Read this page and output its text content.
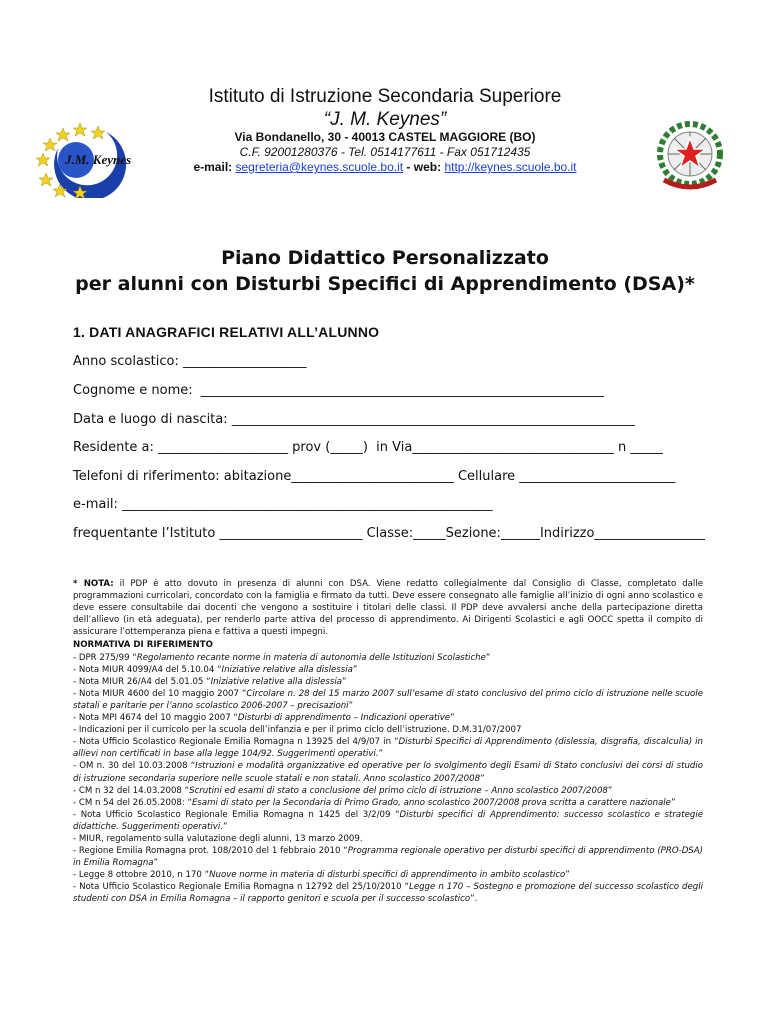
J.M. Keynes
Istituto di Istruzione Secondaria Superiore
“J. M. Keynes”
Via Bondanello, 30 - 40013 CASTEL MAGGIORE (BO)
C.F. 92001280376 - Tel. 0514177611 - Fax 051712435
e-mail: segreteria@keynes.scuole.bo.it - web: http://keynes.scuole.bo.it
Piano Didattico Personalizzato
per alunni con Disturbi Specifici di Apprendimento (DSA)*
1. DATI ANAGRAFICI RELATIVI ALL’ALUNNO
Anno scolastico: ___________________
Cognome e nome:  ______________________________________________________________
Data e luogo di nascita: ______________________________________________________________
Residente a: ____________________ prov (_____)  in Via_______________________________ n _____
Telefoni di riferimento: abitazione_________________________ Cellulare ________________________
e-mail: _________________________________________________________
frequentante l’Istituto ______________________ Classe:_____Sezione:______Indirizzo_________________

* NOTA: il PDP è atto dovuto in presenza di alunni con DSA. Viene redatto collegialmente dal Consiglio di Classe, completato dalle programmazioni curricolari, concordato con la famiglia e firmato da tutti. Deve essere consegnato alle famiglie all’inizio di ogni anno scolastico e deve essere consultabile dai docenti che vengono a sostituire i titolari delle classi. Il PDP deve avvalersi anche della partecipazione diretta dell’allievo (in età adeguata), per renderlo parte attiva del processo di apprendimento. Ai Dirigenti Scolastici e agli OOCC spetta il compito di assicurare l’ottemperanza piena e fattiva a questi impegni.

NORMATIVA DI RIFERIMENTO

- DPR 275/99 “Regolamento recante norme in materia di autonomia delle Istituzioni Scolastiche”

- Nota MIUR 4099/A4 del 5.10.04 “Iniziative relative alla dislessia”

- Nota MIUR 26/A4 del 5.01.05 “Iniziative relative alla dislessia”

- Nota MIUR 4600 del 10 maggio 2007 “Circolare n. 28 del 15 marzo 2007 sull’esame di stato conclusivo del primo ciclo di istruzione nelle scuole statali e paritarie per l’anno scolastico 2006-2007 – precisazioni”

- Nota MPI 4674 del 10 maggio 2007 “Disturbi di apprendimento – Indicazioni operative”

- Indicazioni per il curricolo per la scuola dell’infanzia e per il primo ciclo dell’istruzione. D.M.31/07/2007

- Nota Ufficio Scolastico Regionale Emilia Romagna n 13925 del 4/9/07 in “Disturbi Specifici di Apprendimento (dislessia, disgrafia, discalculia) in allievi non certificati in base alla legge 104/92. Suggerimenti operativi.”

- OM n. 30 del 10.03.2008 “Istruzioni e modalità organizzative ed operative per lo svolgimento degli Esami di Stato conclusivi dei corsi di studio di istruzione secondaria superiore nelle scuole statali e non statali. Anno scolastico 2007/2008”

- CM n 32 del 14.03.2008 “Scrutini ed esami di stato a conclusione del primo ciclo di istruzione – Anno scolastico 2007/2008”

- CM n 54 del 26.05.2008: “Esami di stato per la Secondaria di Primo Grado, anno scolastico 2007/2008 prova scritta a carattere nazionale”

- Nota Ufficio Scolastico Regionale Emilia Romagna n 1425 del 3/2/09 “Disturbi specifici di Apprendimento: successo scolastico e strategie didattiche. Suggerimenti operativi.”

- MIUR, regolamento sulla valutazione degli alunni, 13 marzo 2009.

- Regione Emilia Romagna prot. 108/2010 del 1 febbraio 2010 “Programma regionale operativo per disturbi specifici di apprendimento (PRO-DSA) in Emilia Romagna”

- Legge 8 ottobre 2010, n 170 “Nuove norme in materia di disturbi specifici di apprendimento in ambito scolastico”

- Nota Ufficio Scolastico Regionale Emilia Romagna n 12792 del 25/10/2010 “Legge n 170 – Sostegno e promozione del successo scolastico degli studenti con DSA in Emilia Romagna – il rapporto genitori e scuola per il successo scolastico”.
